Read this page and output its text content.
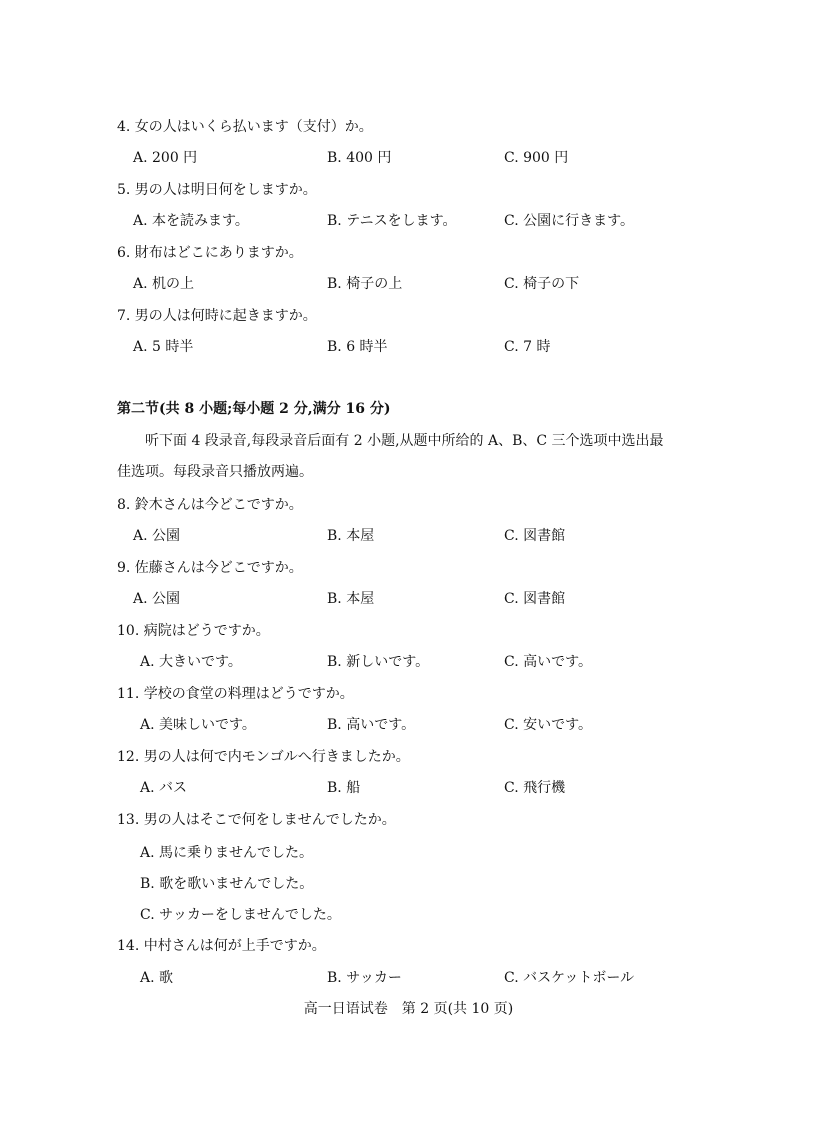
4. 女の人はいくら払います（支付）か。
A. 200 円	B. 400 円	C. 900 円
5. 男の人は明日何をしますか。
A. 本を読みます。	B. テニスをします。	C. 公園に行きます。
6. 財布はどこにありますか。
A. 机の上	B. 椅子の上	C. 椅子の下
7. 男の人は何時に起きますか。
A. 5 時半	B. 6 時半	C. 7 時
第二节(共 8 小题;每小题 2 分,满分 16 分)
听下面 4 段录音,每段录音后面有 2 小题,从题中所给的 A、B、C 三个选项中选出最
佳选项。每段录音只播放两遍。
8. 鈴木さんは今どこですか。
A. 公園	B. 本屋	C. 図書館
9. 佐藤さんは今どこですか。
A. 公園	B. 本屋	C. 図書館
10. 病院はどうですか。
A. 大きいです。	B. 新しいです。	C. 高いです。
11. 学校の食堂の料理はどうですか。
A. 美味しいです。	B. 高いです。	C. 安いです。
12. 男の人は何で内モンゴルへ行きましたか。
A. バス	B. 船	C. 飛行機
13. 男の人はそこで何をしませんでしたか。
A. 馬に乗りませんでした。
B. 歌を歌いませんでした。
C. サッカーをしませんでした。
14. 中村さんは何が上手ですか。
A. 歌	B. サッカー	C. バスケットボール
高一日语试卷　第 2 页(共 10 页)
